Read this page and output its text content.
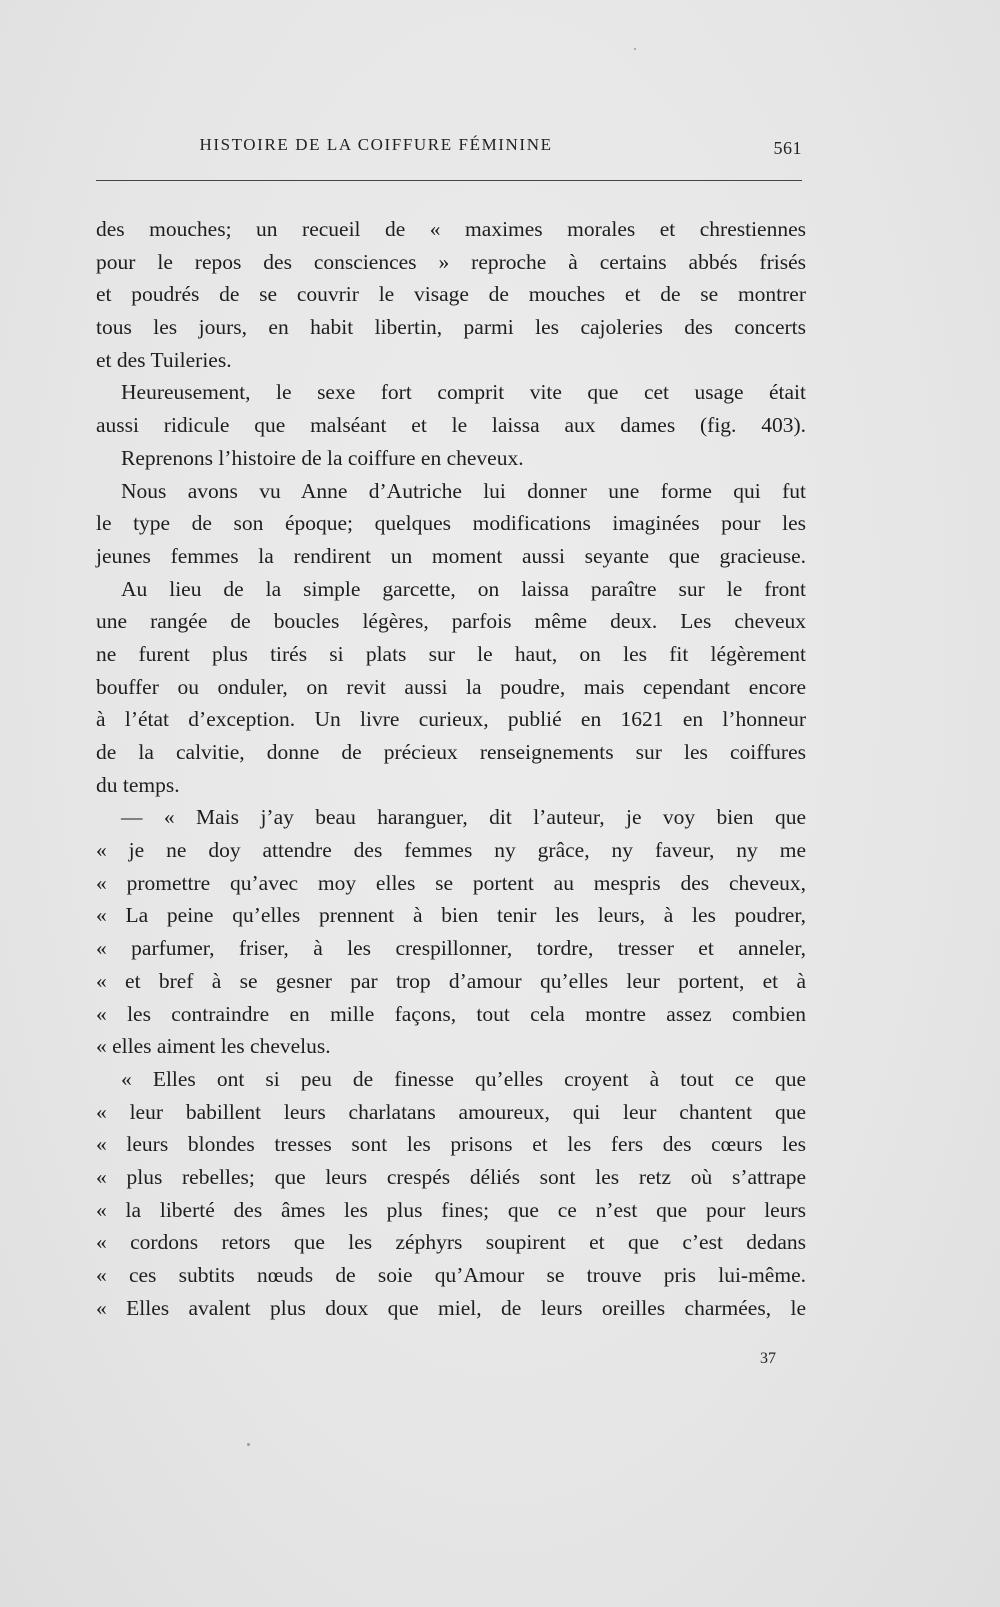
HISTOIRE DE LA COIFFURE FÉMININE	561
des mouches; un recueil de « maximes morales et chrestiennes
pour le repos des consciences » reproche à certains abbés frisés
et poudrés de se couvrir le visage de mouches et de se montrer
tous les jours, en habit libertin, parmi les cajoleries des concerts
et des Tuileries.
Heureusement, le sexe fort comprit vite que cet usage était
aussi ridicule que malséant et le laissa aux dames (fig. 403).
Reprenons l’histoire de la coiffure en cheveux.
Nous avons vu Anne d’Autriche lui donner une forme qui fut
le type de son époque; quelques modifications imaginées pour les
jeunes femmes la rendirent un moment aussi seyante que gracieuse.
Au lieu de la simple garcette, on laissa paraître sur le front
une rangée de boucles légères, parfois même deux. Les cheveux
ne furent plus tirés si plats sur le haut, on les fit légèrement
bouffer ou onduler, on revit aussi la poudre, mais cependant encore
à l’état d’exception. Un livre curieux, publié en 1621 en l’honneur
de la calvitie, donne de précieux renseignements sur les coiffures
du temps.
— « Mais j’ay beau haranguer, dit l’auteur, je voy bien que
« je ne doy attendre des femmes ny grâce, ny faveur, ny me
« promettre qu’avec moy elles se portent au mespris des cheveux,
« La peine qu’elles prennent à bien tenir les leurs, à les poudrer,
« parfumer, friser, à les crespillonner, tordre, tresser et anneler,
« et bref à se gesner par trop d’amour qu’elles leur portent, et à
« les contraindre en mille façons, tout cela montre assez combien
« elles aiment les chevelus.
« Elles ont si peu de finesse qu’elles croyent à tout ce que
« leur babillent leurs charlatans amoureux, qui leur chantent que
« leurs blondes tresses sont les prisons et les fers des cœurs les
« plus rebelles; que leurs crespés déliés sont les retz où s’attrape
« la liberté des âmes les plus fines; que ce n’est que pour leurs
« cordons retors que les zéphyrs soupirent et que c’est dedans
« ces subtits nœuds de soie qu’Amour se trouve pris lui-même.
« Elles avalent plus doux que miel, de leurs oreilles charmées, le
37
